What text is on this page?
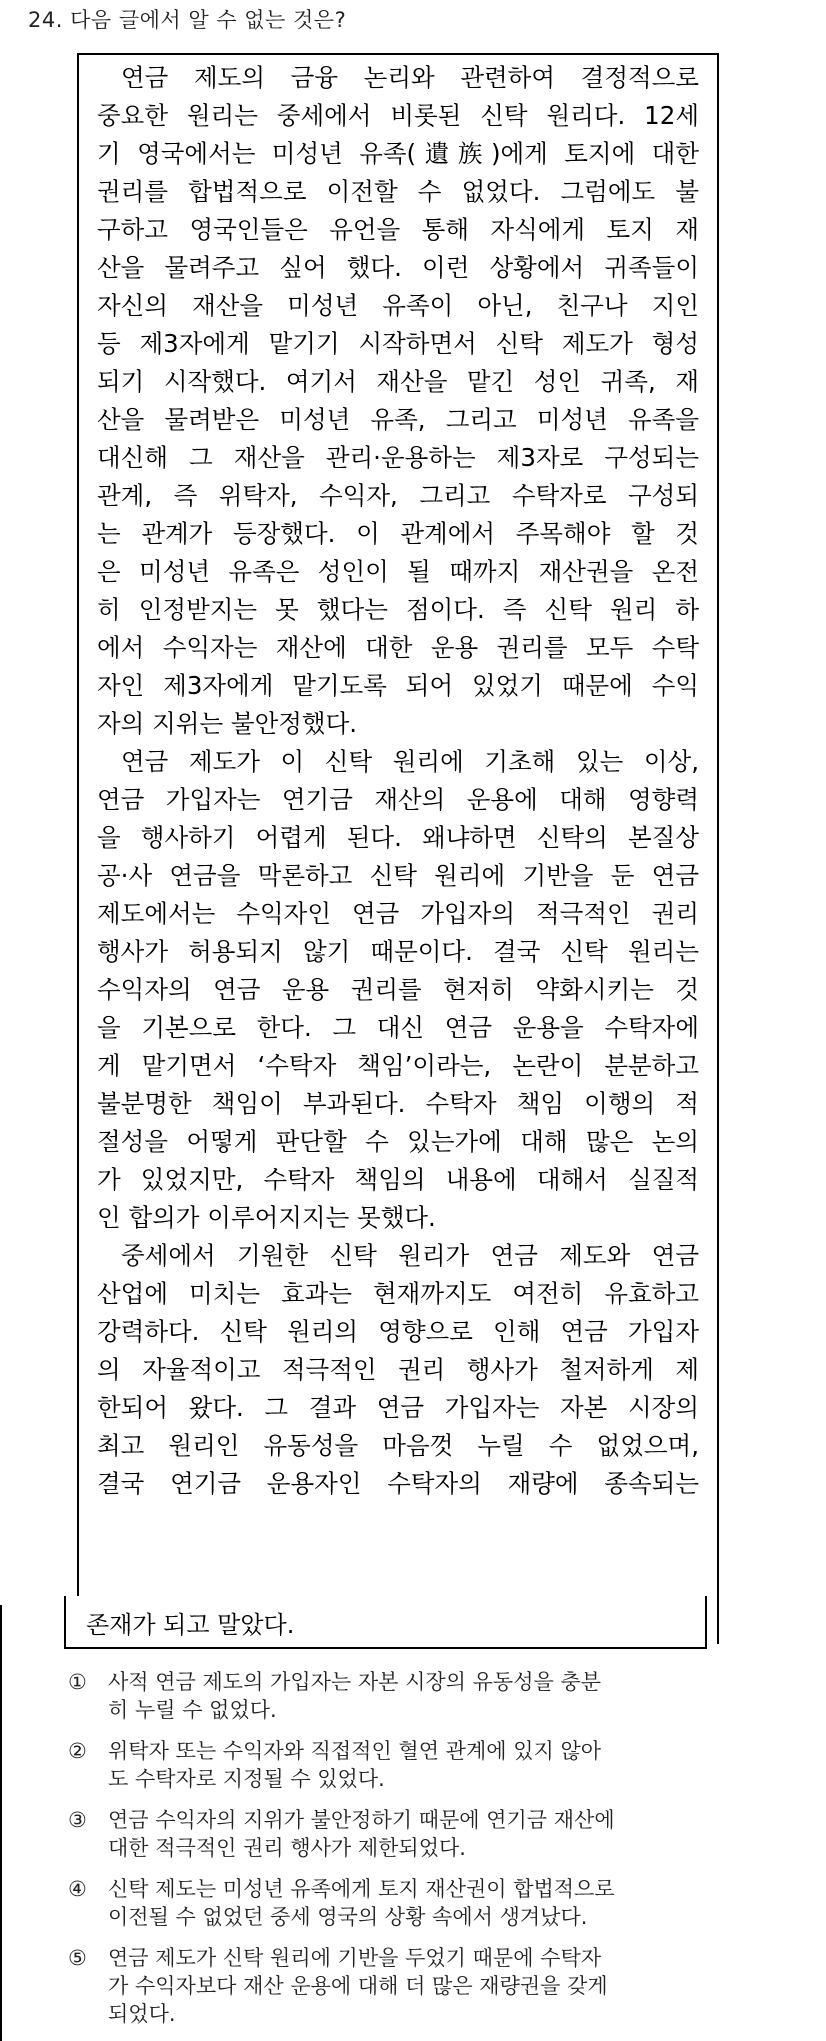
24. 다음 글에서 알 수 없는 것은?
연금 제도의 금융 논리와 관련하여 결정적으로
중요한 원리는 중세에서 비롯된 신탁 원리다. 12세
기 영국에서는 미성년 유족(遺族)에게 토지에 대한
권리를 합법적으로 이전할 수 없었다. 그럼에도 불
구하고 영국인들은 유언을 통해 자식에게 토지 재
산을 물려주고 싶어 했다. 이런 상황에서 귀족들이
자신의 재산을 미성년 유족이 아닌, 친구나 지인
등 제3자에게 맡기기 시작하면서 신탁 제도가 형성
되기 시작했다. 여기서 재산을 맡긴 성인 귀족, 재
산을 물려받은 미성년 유족, 그리고 미성년 유족을
대신해 그 재산을 관리·운용하는 제3자로 구성되는
관계, 즉 위탁자, 수익자, 그리고 수탁자로 구성되
는 관계가 등장했다. 이 관계에서 주목해야 할 것
은 미성년 유족은 성인이 될 때까지 재산권을 온전
히 인정받지는 못 했다는 점이다. 즉 신탁 원리 하
에서 수익자는 재산에 대한 운용 권리를 모두 수탁
자인 제3자에게 맡기도록 되어 있었기 때문에 수익
자의 지위는 불안정했다.
연금 제도가 이 신탁 원리에 기초해 있는 이상,
연금 가입자는 연기금 재산의 운용에 대해 영향력
을 행사하기 어렵게 된다. 왜냐하면 신탁의 본질상
공·사 연금을 막론하고 신탁 원리에 기반을 둔 연금
제도에서는 수익자인 연금 가입자의 적극적인 권리
행사가 허용되지 않기 때문이다. 결국 신탁 원리는
수익자의 연금 운용 권리를 현저히 약화시키는 것
을 기본으로 한다. 그 대신 연금 운용을 수탁자에
게 맡기면서 ‘수탁자 책임’이라는, 논란이 분분하고
불분명한 책임이 부과된다. 수탁자 책임 이행의 적
절성을 어떻게 판단할 수 있는가에 대해 많은 논의
가 있었지만, 수탁자 책임의 내용에 대해서 실질적
인 합의가 이루어지지는 못했다.
중세에서 기원한 신탁 원리가 연금 제도와 연금
산업에 미치는 효과는 현재까지도 여전히 유효하고
강력하다. 신탁 원리의 영향으로 인해 연금 가입자
의 자율적이고 적극적인 권리 행사가 철저하게 제
한되어 왔다. 그 결과 연금 가입자는 자본 시장의
최고 원리인 유동성을 마음껏 누릴 수 없었으며,
결국 연기금 운용자인 수탁자의 재량에 종속되는
존재가 되고 말았다.
① 사적 연금 제도의 가입자는 자본 시장의 유동성을 충분
히 누릴 수 없었다.
② 위탁자 또는 수익자와 직접적인 혈연 관계에 있지 않아
도 수탁자로 지정될 수 있었다.
③ 연금 수익자의 지위가 불안정하기 때문에 연기금 재산에
대한 적극적인 권리 행사가 제한되었다.
④ 신탁 제도는 미성년 유족에게 토지 재산권이 합법적으로
이전될 수 없었던 중세 영국의 상황 속에서 생겨났다.
⑤ 연금 제도가 신탁 원리에 기반을 두었기 때문에 수탁자
가 수익자보다 재산 운용에 대해 더 많은 재량권을 갖게
되었다.
